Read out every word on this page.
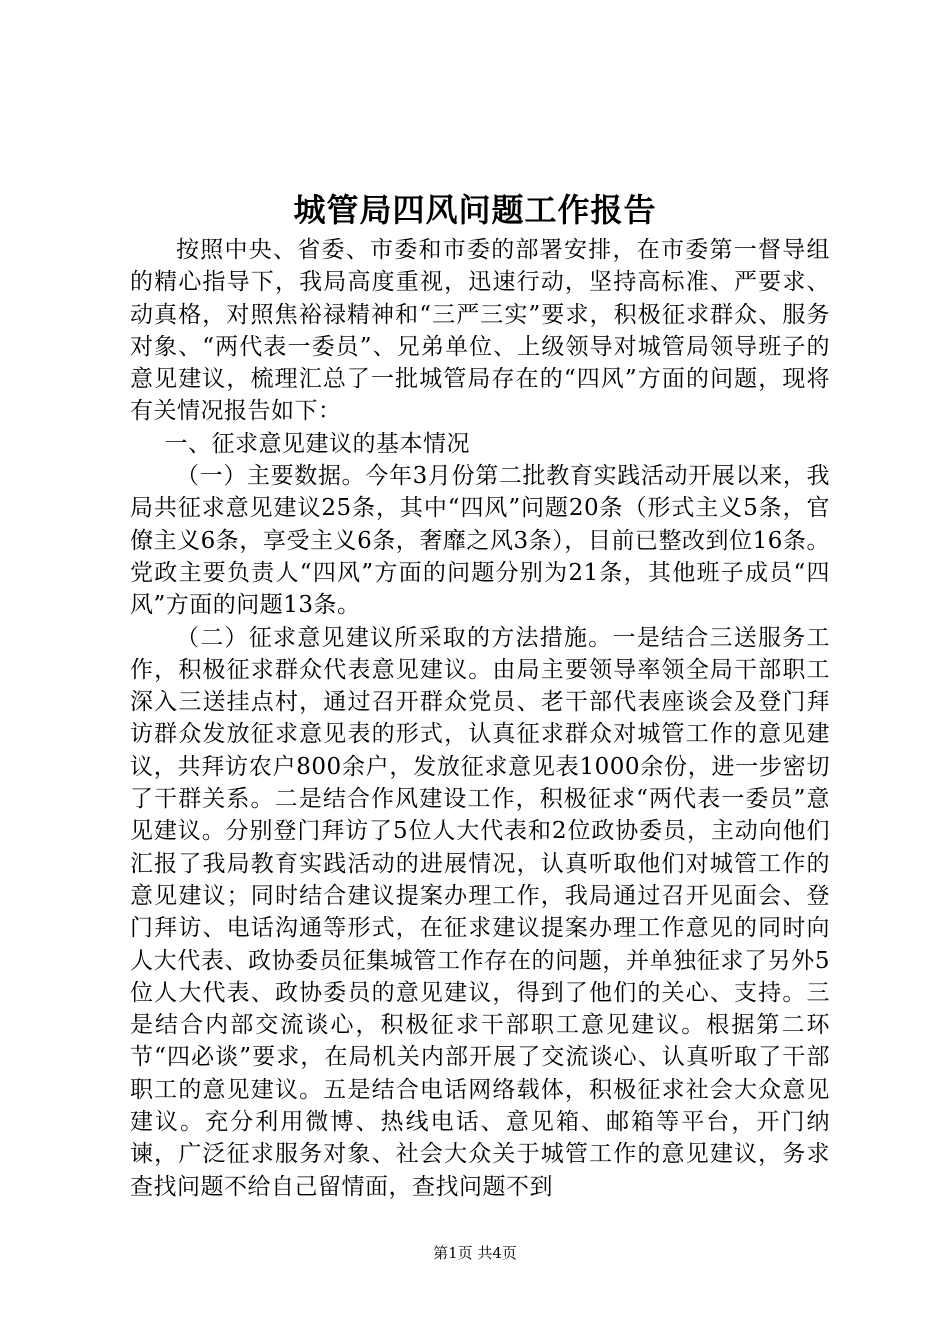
城管局四风问题工作报告

按照中央、省委、市委和市委的部署安排，在市委第一督导组的精心指导下，我局高度重视，迅速行动，坚持高标准、严要求、动真格，对照焦裕禄精神和“三严三实”要求，积极征求群众、服务对象、“两代表一委员”、兄弟单位、上级领导对城管局领导班子的意见建议，梳理汇总了一批城管局存在的“四风”方面的问题，现将有关情况报告如下：

一、征求意见建议的基本情况

（一）主要数据。今年3月份第二批教育实践活动开展以来，我局共征求意见建议25条，其中“四风”问题20条（形式主义5条，官僚主义6条，享受主义6条，奢靡之风3条），目前已整改到位16条。党政主要负责人“四风”方面的问题分别为21条，其他班子成员“四风”方面的问题13条。

（二）征求意见建议所采取的方法措施。一是结合三送服务工作，积极征求群众代表意见建议。由局主要领导率领全局干部职工深入三送挂点村，通过召开群众党员、老干部代表座谈会及登门拜访群众发放征求意见表的形式，认真征求群众对城管工作的意见建议，共拜访农户800余户，发放征求意见表1000余份，进一步密切了干群关系。二是结合作风建设工作，积极征求“两代表一委员”意见建议。分别登门拜访了5位人大代表和2位政协委员，主动向他们汇报了我局教育实践活动的进展情况，认真听取他们对城管工作的意见建议；同时结合建议提案办理工作，我局通过召开见面会、登门拜访、电话沟通等形式，在征求建议提案办理工作意见的同时向人大代表、政协委员征集城管工作存在的问题，并单独征求了另外5位人大代表、政协委员的意见建议，得到了他们的关心、支持。三是结合内部交流谈心，积极征求干部职工意见建议。根据第二环节“四必谈”要求，在局机关内部开展了交流谈心、认真听取了干部职工的意见建议。五是结合电话网络载体，积极征求社会大众意见建议。充分利用微博、热线电话、意见箱、邮箱等平台，开门纳谏，广泛征求服务对象、社会大众关于城管工作的意见建议，务求查找问题不给自己留情面，查找问题不到

第1页 共4页
